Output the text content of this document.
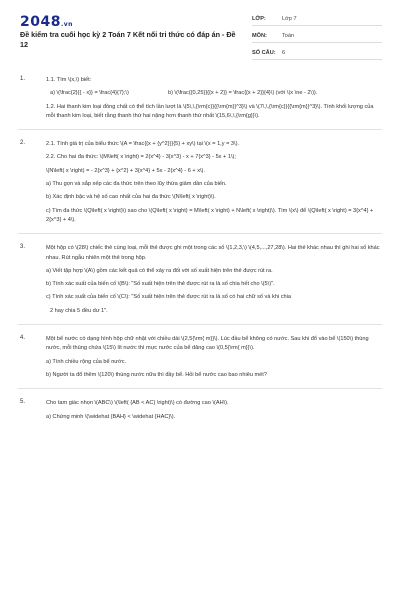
2048.vn
Đề kiểm tra cuối học kỳ 2 Toán 7 Kết nối tri thức có đáp án - Đề 12
LỚP:	Lớp 7
MÔN:	Toán
SỐ CÂU:	6
1.	1.1. Tìm \(x,\) biết:

a) \(\frac{2}{{ - x}} = \frac{4}{7};\)	b) \(\frac{{0,25}}{{x + 2}} = \frac{{x + 2}}{4}\) (với \(x \ne - 2\)).

1.2. Hai thanh kim loại đồng chất có thể tích lần lượt là \(5\,\,{\rm{c}}{{\rm{m}}^3}\) và \(7\,\,{\rm{c}}{{\rm{m}}^3}\). Tính khối lượng của mỗi thanh kim loại, biết rằng thanh thứ hai nặng hơn thanh thứ nhất \(15,6\,\,{\rm{g}}\).

2.	2.1. Tính giá trị của biểu thức \(A = \frac{{x + {y^2}}}{5} + xy\) tại \(x = 1,y = 3\).

2.2. Cho hai đa thức: \(M\left( x \right) = 2{x^4} - 3{x^3} - x + 7{x^3} - 5x + 1\);

\(N\left( x \right) = - 2{x^3} + {x^2} + 3{x^4} + 5x - 2{x^4} - 6 + x\).

a) Thu gọn và sắp xếp các đa thức trên theo lũy thừa giảm dần của biến.

b) Xác định bậc và hệ số cao nhất của hai đa thức \(N\left( x \right)\).

c) Tìm đa thức \(Q\left( x \right)\) sao cho \(Q\left( x \right) = M\left( x \right) + N\left( x \right)\). Tìm \(x\) để \(Q\left( x \right) = 3{x^4} + 2{x^3} + 4\).

3.	Một hộp có \(28\) chiếc thẻ cùng loại, mỗi thẻ được ghi một trong các số \(1,2,3,\) \(4,5,...,27,28\). Hai thẻ khác nhau thì ghi hai số khác nhau. Rút ngẫu nhiên một thẻ trong hộp.

a) Viết tập hợp \(A\) gồm các kết quả có thể xảy ra đối với số xuất hiện trên thẻ được rút ra.

b) Tính xác suất của biến cố \(B\): "Số xuất hiện trên thẻ được rút ra là số chia hết cho \(5\)".

c) Tính xác suất của biến cố \(C\): "Số xuất hiện trên thẻ được rút ra là số có hai chữ số và khi chia

2 hay chia 5 đều dư 1".

4.	Một bể nước có dạng hình hộp chữ nhật với chiều dài \(2,5{\rm{ m}}\). Lúc đầu bể không có nước. Sau khi đổ vào bể \(150\) thùng nước, mỗi thùng chứa \(15\) lít nước thì mực nước của bể dâng cao \(0,5{\rm{ m}}\).

a) Tính chiều rộng của bể nước.

b) Người ta đổ thêm \(120\) thùng nước nữa thì đầy bể. Hỏi bể nước cao bao nhiêu mét?

5.	Cho tam giác nhọn \(ABC\) \(\left( {AB < AC} \right)\) có đường cao \(AH\).

a) Chứng minh \(\widehat {BAH} < \widehat {HAC}\).
